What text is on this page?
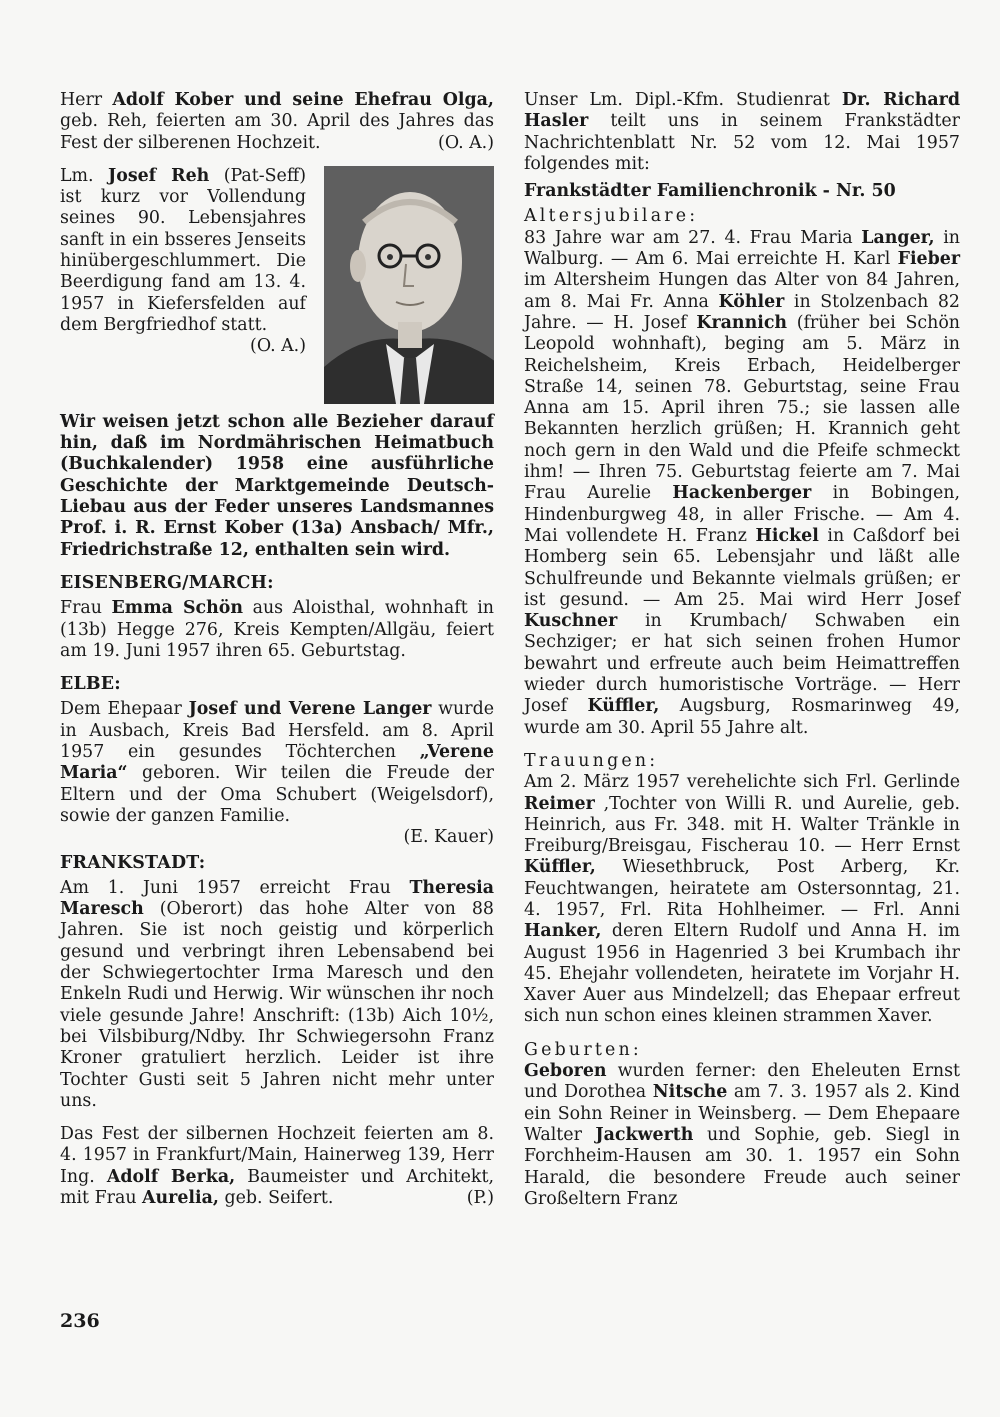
Herr Adolf Kober und seine Ehefrau Olga, geb. Reh, feierten am 30. April des Jahres das Fest der silberenen Hochzeit.	(O. A.)

Lm. Josef Reh (Pat-Seff) ist kurz vor Vollendung seines 90. Lebensjahres sanft in ein bsseres Jenseits hinübergeschlummert. Die Beerdigung fand am 13. 4. 1957 in Kiefersfelden auf dem Bergfriedhof statt.
(O. A.)

Wir weisen jetzt schon alle Bezieher darauf hin, daß im Nordmährischen Heimatbuch (Buchkalender) 1958 eine ausführliche Geschichte der Marktgemeinde Deutsch-Liebau aus der Feder unseres Landsmannes Prof. i. R. Ernst Kober (13a) Ansbach/ Mfr., Friedrichstraße 12, enthalten sein wird.

EISENBERG/MARCH:

Frau Emma Schön aus Aloisthal, wohnhaft in (13b) Hegge 276, Kreis Kempten/Allgäu, feiert am 19. Juni 1957 ihren 65. Geburtstag.

ELBE:

Dem Ehepaar Josef und Verene Langer wurde in Ausbach, Kreis Bad Hersfeld. am 8. April 1957 ein gesundes Töchterchen „Verene Maria“ geboren. Wir teilen die Freude der Eltern und der Oma Schubert (Weigelsdorf), sowie der ganzen Familie.
(E. Kauer)

FRANKSTADT:

Am 1. Juni 1957 erreicht Frau Theresia Maresch (Oberort) das hohe Alter von 88 Jahren. Sie ist noch geistig und körperlich gesund und verbringt ihren Lebensabend bei der Schwiegertochter Irma Maresch und den Enkeln Rudi und Herwig. Wir wünschen ihr noch viele gesunde Jahre! Anschrift: (13b) Aich 10½, bei Vilsbiburg/Ndby. Ihr Schwiegersohn Franz Kroner gratuliert herzlich. Leider ist ihre Tochter Gusti seit 5 Jahren nicht mehr unter uns.

Das Fest der silbernen Hochzeit feierten am 8. 4. 1957 in Frankfurt/Main, Hainerweg 139, Herr Ing. Adolf Berka, Baumeister und Architekt, mit Frau Aurelia, geb. Seifert.	(P.)

Unser Lm. Dipl.-Kfm. Studienrat Dr. Richard Hasler teilt uns in seinem Frankstädter Nachrichtenblatt Nr. 52 vom 12. Mai 1957 folgendes mit:

Frankstädter Familienchronik - Nr. 50
Altersjubilare:

83 Jahre war am 27. 4. Frau Maria Langer, in Walburg. — Am 6. Mai erreichte H. Karl Fieber im Altersheim Hungen das Alter von 84 Jahren, am 8. Mai Fr. Anna Köhler in Stolzenbach 82 Jahre. — H. Josef Krannich (früher bei Schön Leopold wohnhaft), beging am 5. März in Reichelsheim, Kreis Erbach, Heidelberger Straße 14, seinen 78. Geburtstag, seine Frau Anna am 15. April ihren 75.; sie lassen alle Bekannten herzlich grüßen; H. Krannich geht noch gern in den Wald und die Pfeife schmeckt ihm! — Ihren 75. Geburtstag feierte am 7. Mai Frau Aurelie Hackenberger in Bobingen, Hindenburgweg 48, in aller Frische. — Am 4. Mai vollendete H. Franz Hickel in Caßdorf bei Homberg sein 65. Lebensjahr und läßt alle Schulfreunde und Bekannte vielmals grüßen; er ist gesund. — Am 25. Mai wird Herr Josef Kuschner in Krumbach/ Schwaben ein Sechziger; er hat sich seinen frohen Humor bewahrt und erfreute auch beim Heimattreffen wieder durch humoristische Vorträge. — Herr Josef Küffler, Augsburg, Rosmarinweg 49, wurde am 30. April 55 Jahre alt.

Trauungen:

Am 2. März 1957 verehelichte sich Frl. Gerlinde Reimer ,Tochter von Willi R. und Aurelie, geb. Heinrich, aus Fr. 348. mit H. Walter Tränkle in Freiburg/Breisgau, Fischerau 10. — Herr Ernst Küffler, Wiesethbruck, Post Arberg, Kr. Feuchtwangen, heiratete am Ostersonntag, 21. 4. 1957, Frl. Rita Hohlheimer. — Frl. Anni Hanker, deren Eltern Rudolf und Anna H. im August 1956 in Hagenried 3 bei Krumbach ihr 45. Ehejahr vollendeten, heiratete im Vorjahr H. Xaver Auer aus Mindelzell; das Ehepaar erfreut sich nun schon eines kleinen strammen Xaver.

Geburten:

Geboren wurden ferner: den Eheleuten Ernst und Dorothea Nitsche am 7. 3. 1957 als 2. Kind ein Sohn Reiner in Weinsberg. — Dem Ehepaare Walter Jackwerth und Sophie, geb. Siegl in Forchheim-Hausen am 30. 1. 1957 ein Sohn Harald, die besondere Freude auch seiner Großeltern Franz

236
